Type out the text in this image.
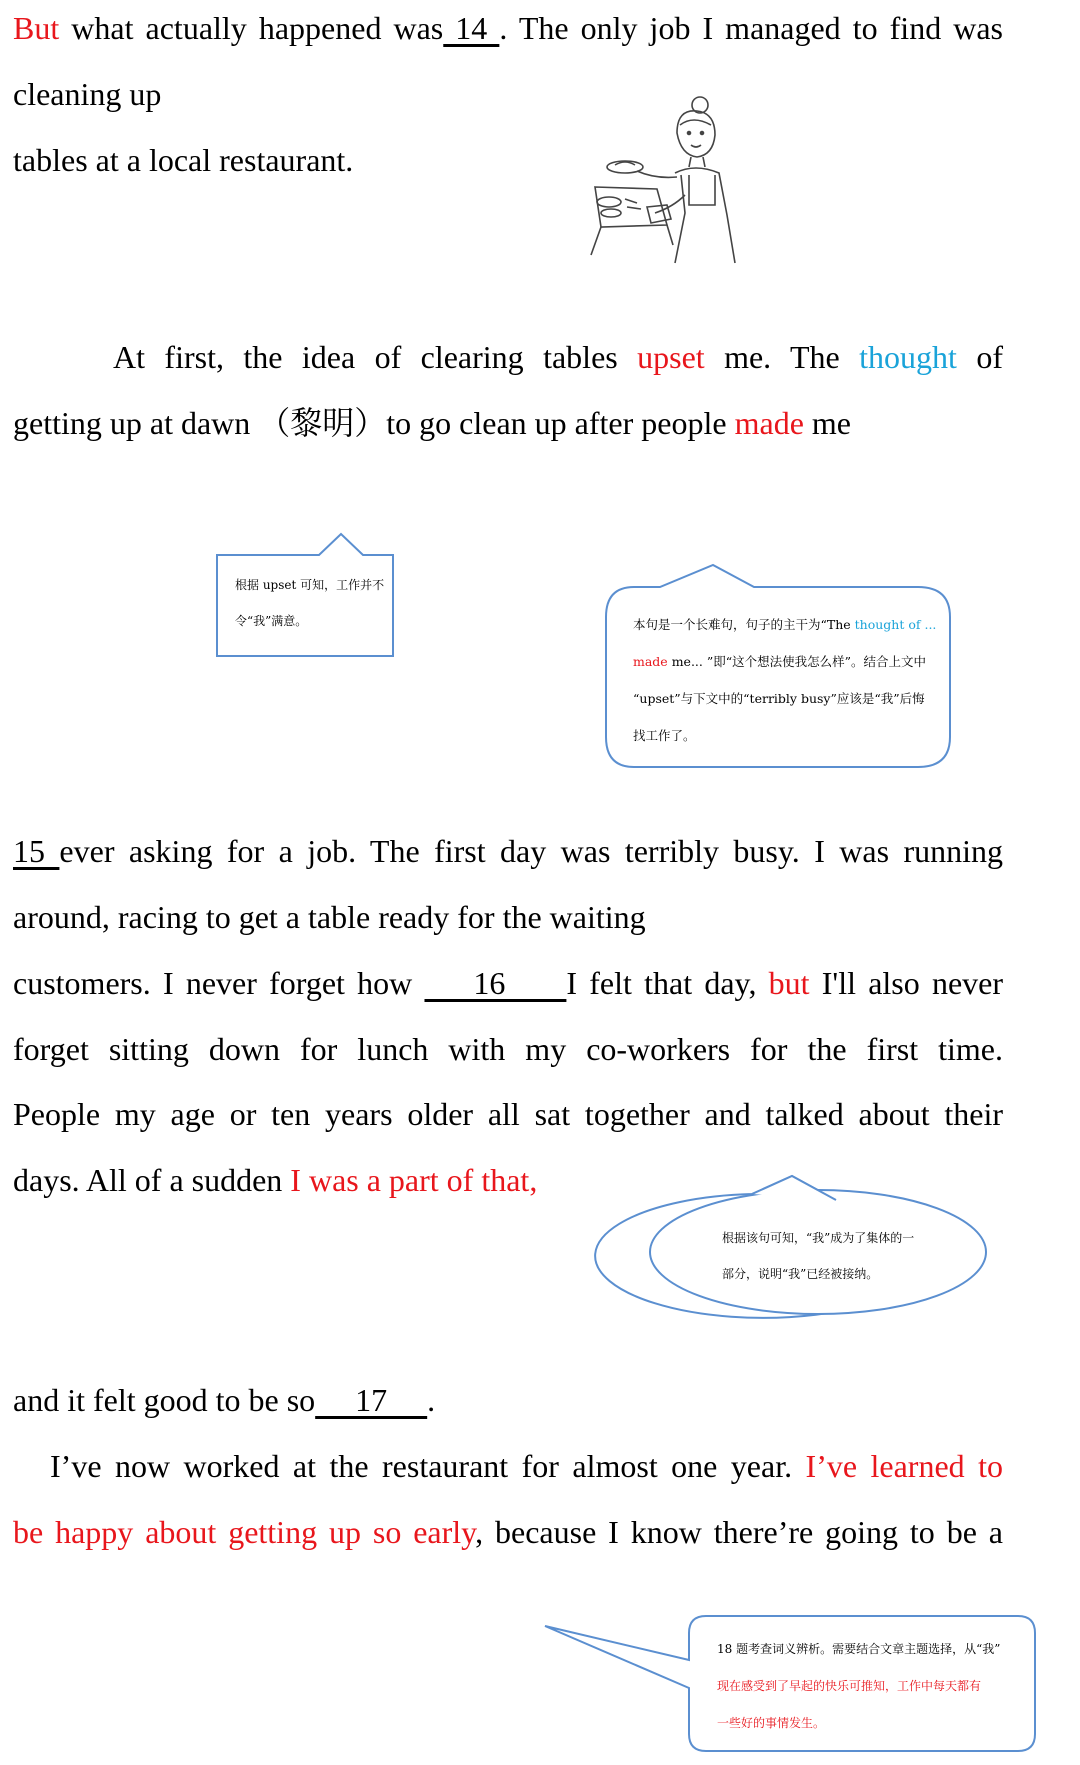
But what actually happened was 14 . The only job I managed to find was
cleaning up
tables at a local restaurant.
At first, the idea of clearing tables upset me. The thought of
getting up at dawn （黎明）to go clean up after people made me
根据 upset 可知，工作并不
令“我”满意。	本句是一个长难句，句子的主干为“The thought of ...
made me... ”即“这个想法使我怎么样”。结合上文中
“upset”与下文中的“terribly busy”应该是“我”后悔
找工作了。
15 ever asking for a job. The first day was terribly busy. I was running
around, racing to get a table ready for the waiting
customers. I never forget how     16     I felt that day, but I'll also never
forget sitting down for lunch with my co-workers for the first time.
People my age or ten years older all sat together and talked about their
days. All of a sudden I was a part of that,
根据该句可知，“我”成为了集体的一
部分，说明“我”已经被接纳。
and it felt good to be so     17     .
I’ve now worked at the restaurant for almost one year. I’ve learned to
be happy about getting up so early, because I know there’re going to be a
18 题考查词义辨析。需要结合文章主题选择，从“我”
现在感受到了早起的快乐可推知，工作中每天都有
一些好的事情发生。
